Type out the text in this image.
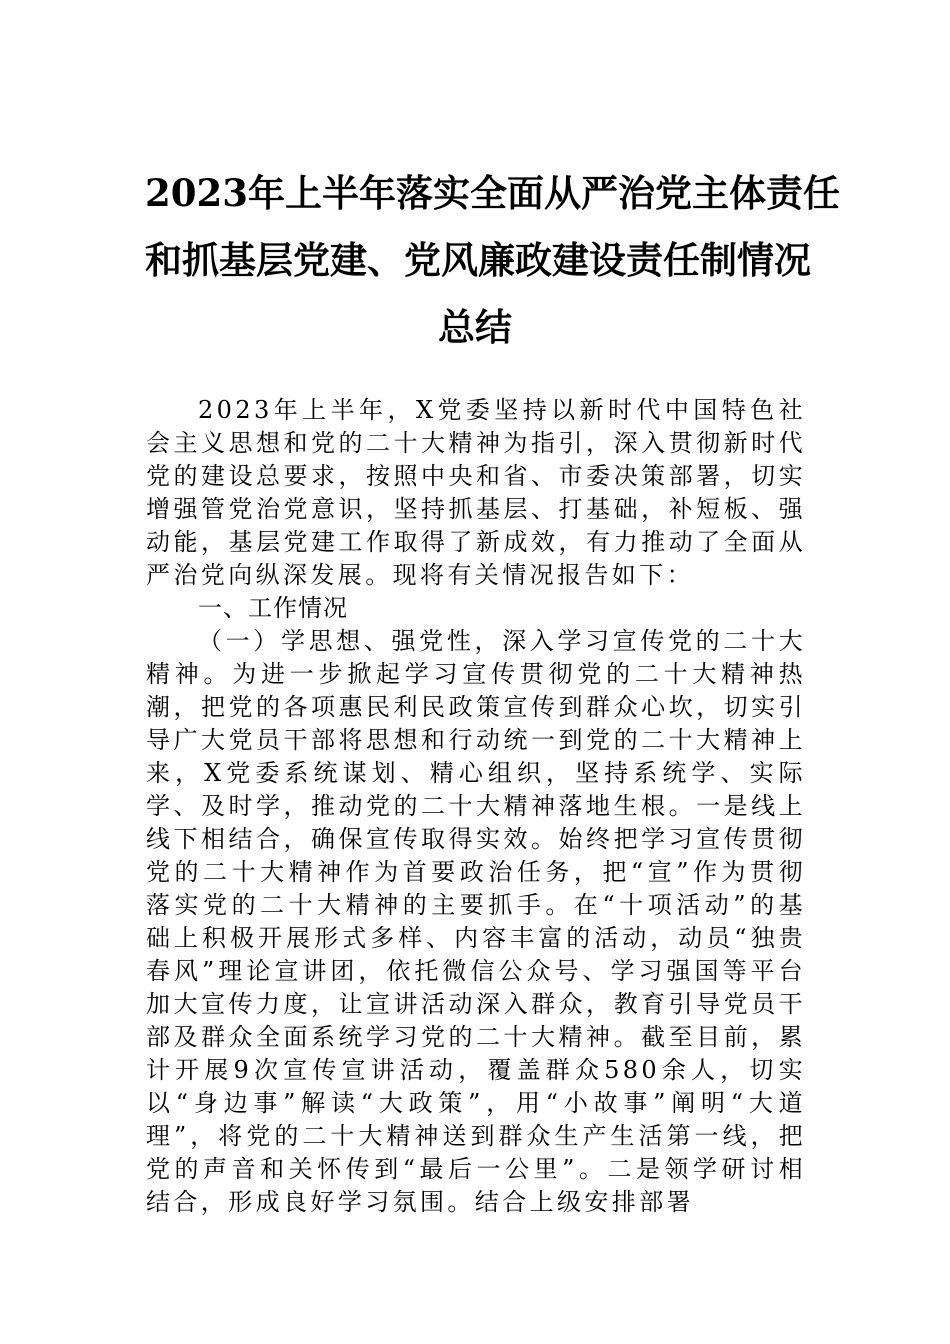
2023年上半年落实全面从严治党主体责任
和抓基层党建、党风廉政建设责任制情况
总结

2023年上半年，X党委坚持以新时代中国特色社会主义思想和党的二十大精神为指引，深入贯彻新时代党的建设总要求，按照中央和省、市委决策部署，切实增强管党治党意识，坚持抓基层、打基础，补短板、强动能，基层党建工作取得了新成效，有力推动了全面从严治党向纵深发展。现将有关情况报告如下：

一、工作情况

（一）学思想、强党性，深入学习宣传党的二十大精神。为进一步掀起学习宣传贯彻党的二十大精神热潮，把党的各项惠民利民政策宣传到群众心坎，切实引导广大党员干部将思想和行动统一到党的二十大精神上来，X党委系统谋划、精心组织，坚持系统学、实际学、及时学，推动党的二十大精神落地生根。一是线上线下相结合，确保宣传取得实效。始终把学习宣传贯彻党的二十大精神作为首要政治任务，把“宣”作为贯彻落实党的二十大精神的主要抓手。在“十项活动”的基础上积极开展形式多样、内容丰富的活动，动员“独贵春风”理论宣讲团，依托微信公众号、学习强国等平台加大宣传力度，让宣讲活动深入群众，教育引导党员干部及群众全面系统学习党的二十大精神。截至目前，累计开展9次宣传宣讲活动，覆盖群众580余人，切实以“身边事”解读“大政策”，用“小故事”阐明“大道理”，将党的二十大精神送到群众生产生活第一线，把党的声音和关怀传到“最后一公里”。二是领学研讨相结合，形成良好学习氛围。结合上级安排部署
